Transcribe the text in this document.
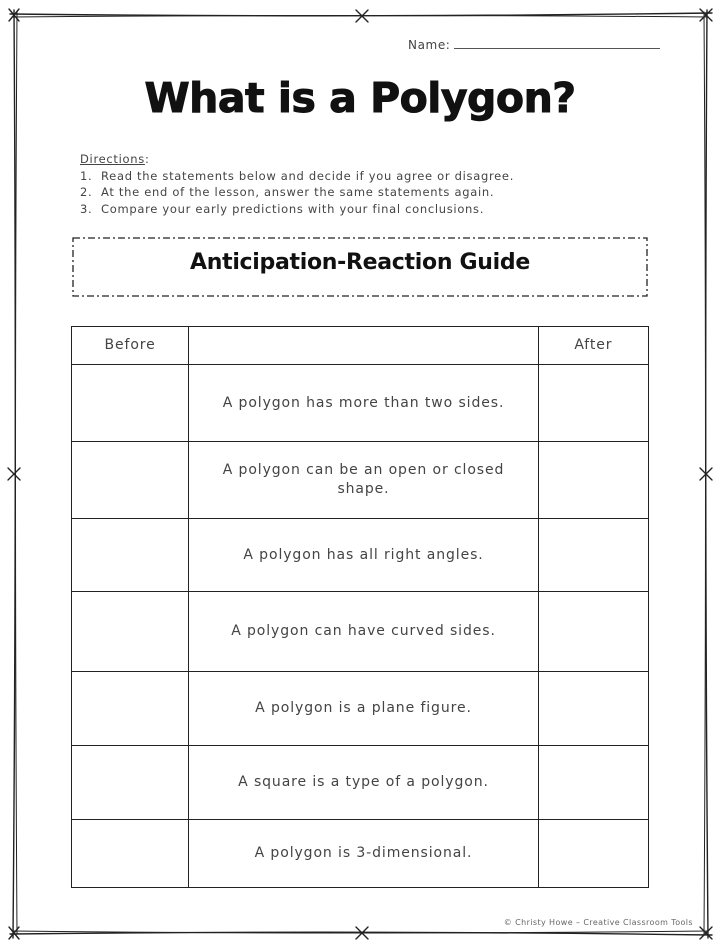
Name:
What is a Polygon?
Directions:
1. Read the statements below and decide if you agree or disagree.
2. At the end of the lesson, answer the same statements again.
3. Compare your early predictions with your final conclusions.
Anticipation-Reaction Guide
Before		After
	A polygon has more than two sides.	
	A polygon can be an open or closed shape.	
	A polygon has all right angles.	
	A polygon can have curved sides.	
	A polygon is a plane figure.	
	A square is a type of a polygon.	
	A polygon is 3-dimensional.	
© Christy Howe – Creative Classroom Tools
